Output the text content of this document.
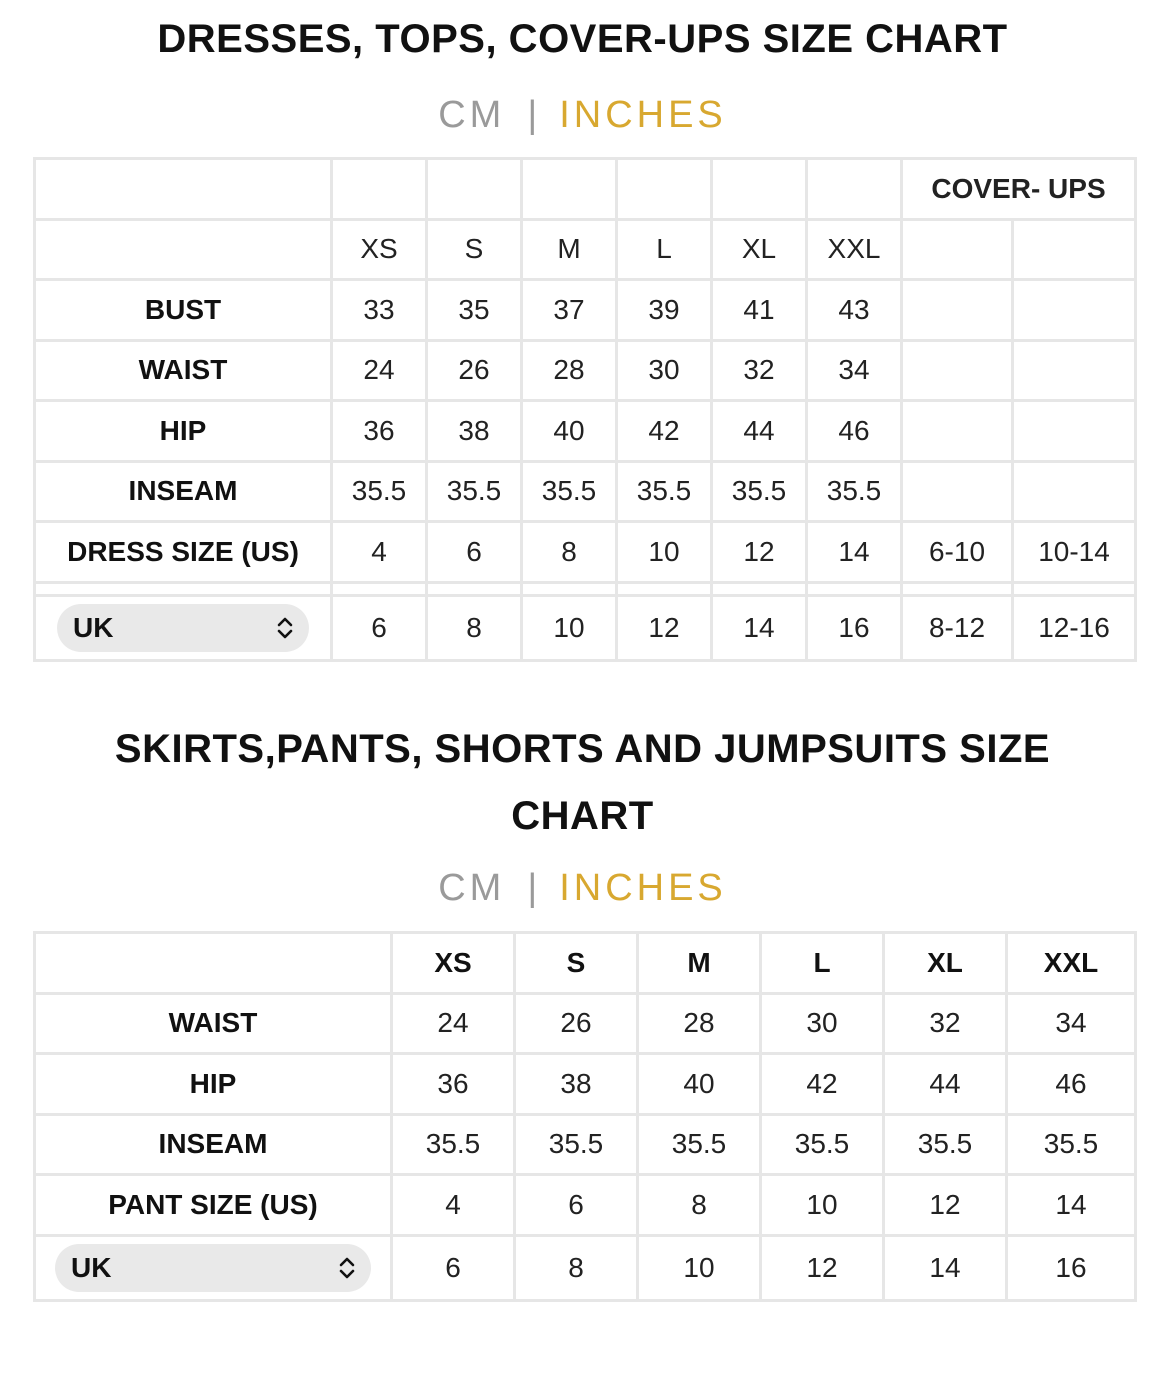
DRESSES, TOPS, COVER-UPS SIZE CHART
CM | INCHES
							COVER- UPS	
	XS	S	M	L	XL	XXL		
BUST	33	35	37	39	41	43		
WAIST	24	26	28	30	32	34		
HIP	36	38	40	42	44	46		
INSEAM	35.5	35.5	35.5	35.5	35.5	35.5		
DRESS SIZE (US)	4	6	8	10	12	14	6-10	10-14

UK	6	8	10	12	14	16	8-12	12-16
SKIRTS,PANTS, SHORTS AND JUMPSUITS SIZE CHART
CM | INCHES
	XS	S	M	L	XL	XXL
WAIST	24	26	28	30	32	34
HIP	36	38	40	42	44	46
INSEAM	35.5	35.5	35.5	35.5	35.5	35.5
PANT SIZE (US)	4	6	8	10	12	14

UK	6	8	10	12	14	16
